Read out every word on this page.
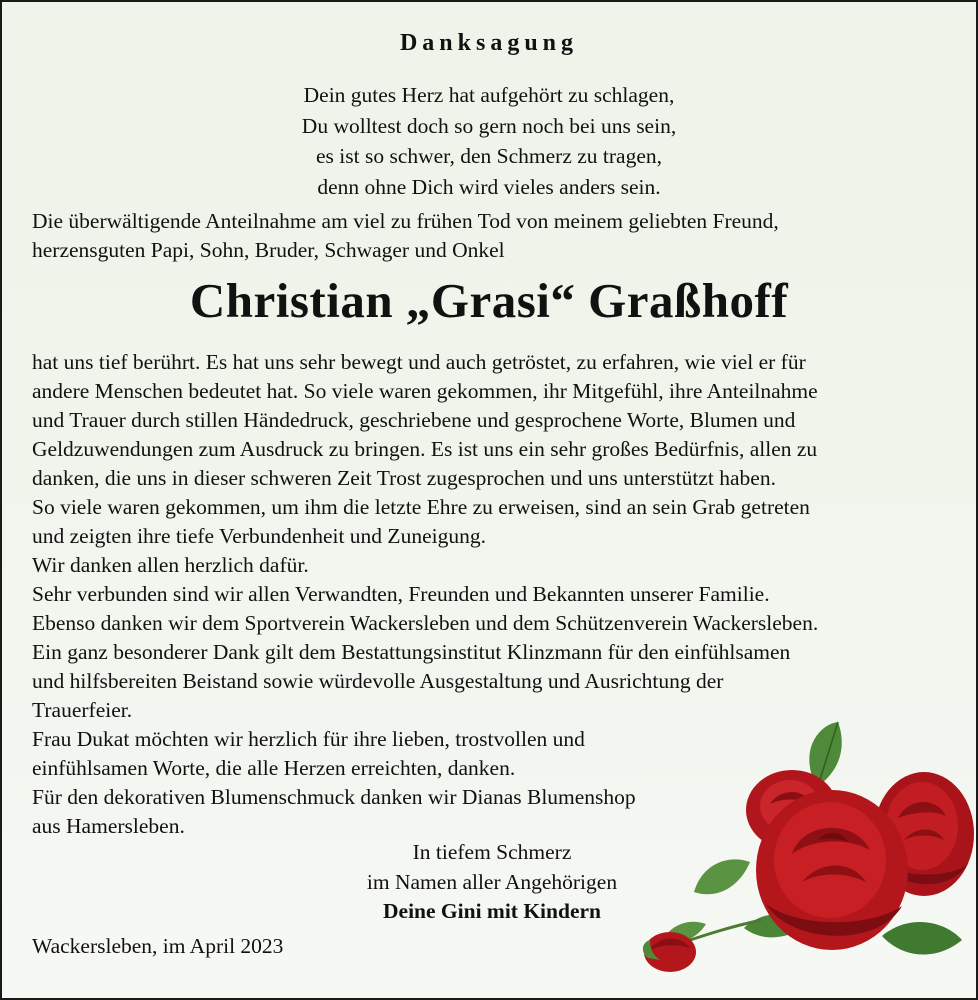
Danksagung
Dein gutes Herz hat aufgehört zu schlagen,
Du wolltest doch so gern noch bei uns sein,
es ist so schwer, den Schmerz zu tragen,
denn ohne Dich wird vieles anders sein.
Die überwältigende Anteilnahme am viel zu frühen Tod von meinem geliebten Freund,
herzensguten Papi, Sohn, Bruder, Schwager und Onkel
Christian „Grasi“ Graßhoff
hat uns tief berührt. Es hat uns sehr bewegt und auch getröstet, zu erfahren, wie viel er für
andere Menschen bedeutet hat. So viele waren gekommen, ihr Mitgefühl, ihre Anteilnahme
und Trauer durch stillen Händedruck, geschriebene und gesprochene Worte, Blumen und
Geldzuwendungen zum Ausdruck zu bringen. Es ist uns ein sehr großes Bedürfnis, allen zu
danken, die uns in dieser schweren Zeit Trost zugesprochen und uns unterstützt haben.
So viele waren gekommen, um ihm die letzte Ehre zu erweisen, sind an sein Grab getreten
und zeigten ihre tiefe Verbundenheit und Zuneigung.
Wir danken allen herzlich dafür.
Sehr verbunden sind wir allen Verwandten, Freunden und Bekannten unserer Familie.
Ebenso danken wir dem Sportverein Wackersleben und dem Schützenverein Wackersleben.
Ein ganz besonderer Dank gilt dem Bestattungsinstitut Klinzmann für den einfühlsamen
und hilfsbereiten Beistand sowie würdevolle Ausgestaltung und Ausrichtung der
Trauerfeier.
Frau Dukat möchten wir herzlich für ihre lieben, trostvollen und
einfühlsamen Worte, die alle Herzen erreichten, danken.
Für den dekorativen Blumenschmuck danken wir Dianas Blumenshop
aus Hamersleben.
In tiefem Schmerz
im Namen aller Angehörigen
Deine Gini mit Kindern
Wackersleben, im April 2023
